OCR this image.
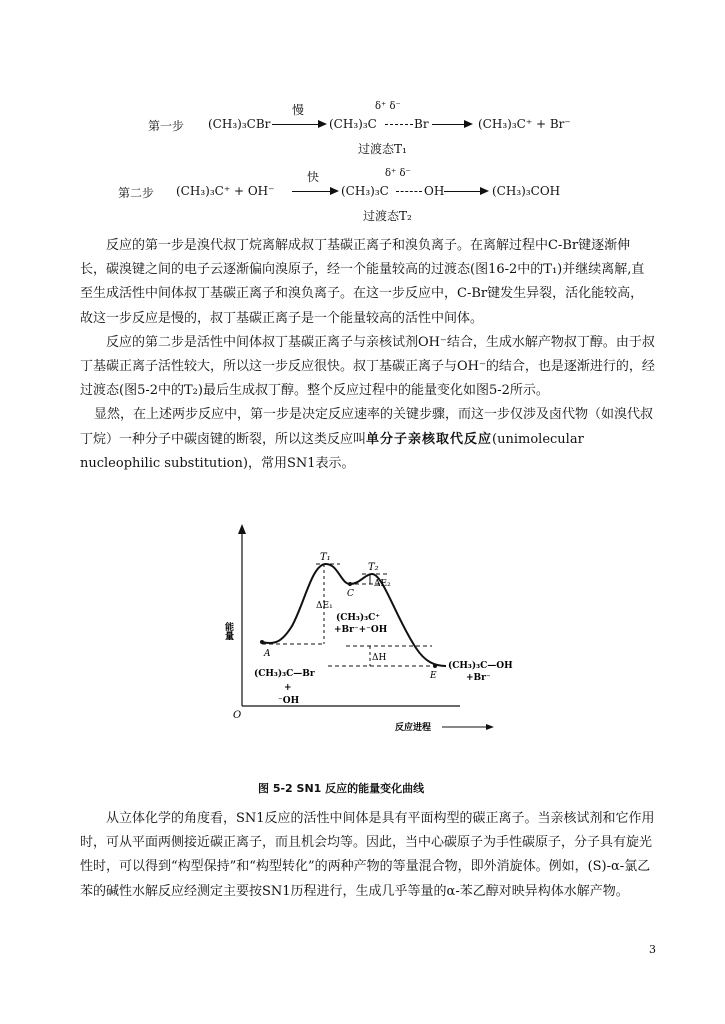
第一步 (CH₃)₃CBr
慢	δ⁺ δ⁻
(CH₃)₃C	Br	(CH₃)₃C⁺ + Br⁻
过渡态T₁
第二步 (CH₃)₃C⁺ + OH⁻
快	δ⁺ δ⁻
(CH₃)₃C	OH	(CH₃)₃COH
过渡态T₂

反应的第一步是溴代叔丁烷离解成叔丁基碳正离子和溴负离子。在离解过程中C-Br键逐渐伸长，碳溴键之间的电子云逐渐偏向溴原子，经一个能量较高的过渡态(图16-2中的T₁)并继续离解,直至生成活性中间体叔丁基碳正离子和溴负离子。在这一步反应中，C-Br键发生异裂，活化能较高，故这一步反应是慢的，叔丁基碳正离子是一个能量较高的活性中间体。

反应的第二步是活性中间体叔丁基碳正离子与亲核试剂OH⁻结合，生成水解产物叔丁醇。由于叔丁基碳正离子活性较大，所以这一步反应很快。叔丁基碳正离子与OH⁻的结合，也是逐渐进行的，经过渡态(图5-2中的T₂)最后生成叔丁醇。整个反应过程中的能量变化如图5-2所示。

显然，在上述两步反应中，第一步是决定反应速率的关键步骤，而这一步仅涉及卤代物（如溴代叔丁烷）一种分子中碳卤键的断裂，所以这类反应叫单分子亲核取代反应(unimolecular nucleophilic substitution)，常用SN1表示。

T₁
T₂
C
ΔE₂
ΔE₁
(CH₃)₃C⁺
+Br⁻+⁻OH
A	ΔH
E
(CH₃)₃C—OH
+Br⁻
(CH₃)₃C—Br
+
⁻OH
O
反应进程
能量
图 5-2 SN1 反应的能量变化曲线

从立体化学的角度看，SN1反应的活性中间体是具有平面构型的碳正离子。当亲核试剂和它作用时，可从平面两侧接近碳正离子，而且机会均等。因此，当中心碳原子为手性碳原子，分子具有旋光性时，可以得到“构型保持”和“构型转化”的两种产物的等量混合物，即外消旋体。例如，(S)-α-氯乙苯的碱性水解反应经测定主要按SN1历程进行，生成几乎等量的α-苯乙醇对映异构体水解产物。

3
